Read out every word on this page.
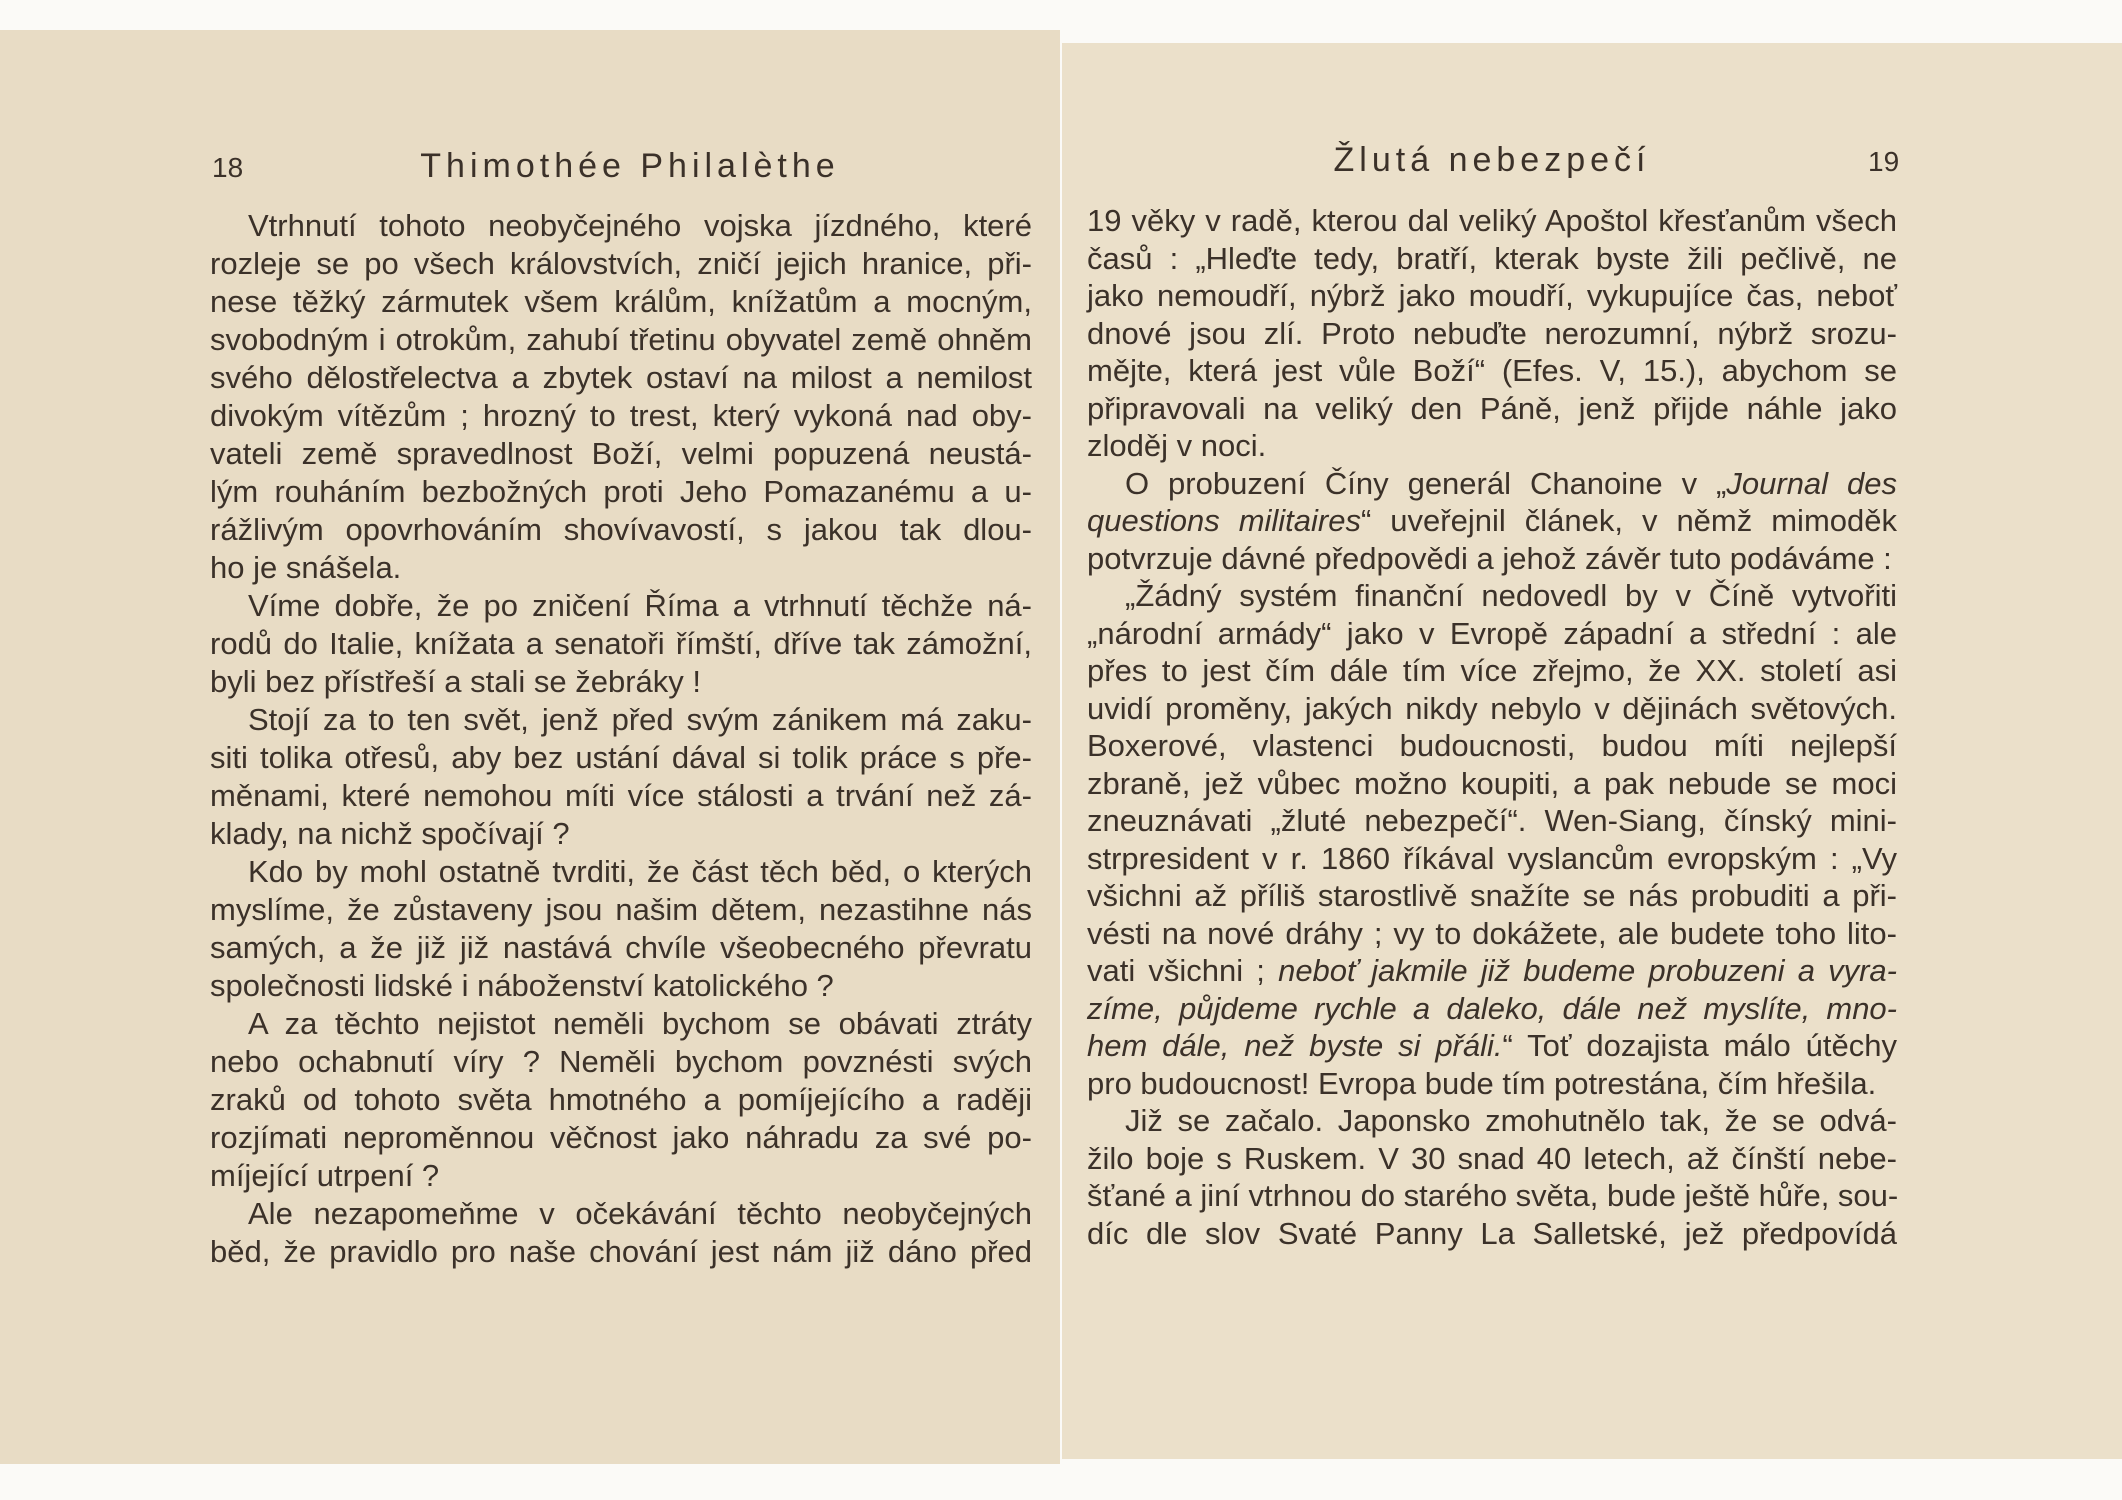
18	Thimothée Philalèthe
Vtrhnutí tohoto neobyčejného vojska jízdného, které
rozleje se po všech královstvích, zničí jejich hranice, při-
nese těžký zármutek všem králům, knížatům a mocným,
svobodným i otrokům, zahubí třetinu obyvatel země ohněm
svého dělostřelectva a zbytek ostaví na milost a nemilost
divokým vítězům ; hrozný to trest, který vykoná nad oby-
vateli země spravedlnost Boží, velmi popuzená neustá-
lým rouháním bezbožných proti Jeho Pomazanému a u-
rážlivým opovrhováním shovívavostí, s jakou tak dlou-
ho je snášela.
Víme dobře, že po zničení Říma a vtrhnutí těchže ná-
rodů do Italie, knížata a senatoři římští, dříve tak zámožní,
byli bez přístřeší a stali se žebráky !
Stojí za to ten svět, jenž před svým zánikem má zaku-
siti tolika otřesů, aby bez ustání dával si tolik práce s pře-
měnami, které nemohou míti více stálosti a trvání než zá-
klady, na nichž spočívají ?
Kdo by mohl ostatně tvrditi, že část těch běd, o kterých
myslíme, že zůstaveny jsou našim dětem, nezastihne nás
samých, a že již již nastává chvíle všeobecného převratu
společnosti lidské i náboženství katolického ?
A za těchto nejistot neměli bychom se obávati ztráty
nebo ochabnutí víry ? Neměli bychom povznésti svých
zraků od tohoto světa hmotného a pomíjejícího a raději
rozjímati neproměnnou věčnost jako náhradu za své po-
míjející utrpení ?
Ale nezapomeňme v očekávání těchto neobyčejných
běd, že pravidlo pro naše chování jest nám již dáno před
19
Žlutá nebezpečí
19 věky v radě, kterou dal veliký Apoštol křesťanům všech
časů : „Hleďte tedy, bratří, kterak byste žili pečlivě, ne
jako nemoudří, nýbrž jako moudří, vykupujíce čas, neboť
dnové jsou zlí. Proto nebuďte nerozumní, nýbrž srozu-
mějte, která jest vůle Boží“ (Efes. V, 15.), abychom se
připravovali na veliký den Páně, jenž přijde náhle jako
zloděj v noci.
O probuzení Číny generál Chanoine v „Journal des
questions militaires“ uveřejnil článek, v němž mimoděk
potvrzuje dávné předpovědi a jehož závěr tuto podáváme :
„Žádný systém finanční nedovedl by v Číně vytvořiti
„národní armády“ jako v Evropě západní a střední : ale
přes to jest čím dále tím více zřejmo, že XX. století asi
uvidí proměny, jakých nikdy nebylo v dějinách světových.
Boxerové, vlastenci budoucnosti, budou míti nejlepší
zbraně, jež vůbec možno koupiti, a pak nebude se moci
zneuznávati „žluté nebezpečí“. Wen-Siang, čínský mini-
strpresident v r. 1860 říkával vyslancům evropským : „Vy
všichni až příliš starostlivě snažíte se nás probuditi a při-
vésti na nové dráhy ; vy to dokážete, ale budete toho lito-
vati všichni ; neboť jakmile již budeme probuzeni a vyra-
zíme, půjdeme rychle a daleko, dále než myslíte, mno-
hem dále, než byste si přáli.“ Toť dozajista málo útěchy
pro budoucnost! Evropa bude tím potrestána, čím hřešila.
Již se začalo. Japonsko zmohutnělo tak, že se odvá-
žilo boje s Ruskem. V 30 snad 40 letech, až čínští nebe-
šťané a jiní vtrhnou do starého světa, bude ještě hůře, sou-
díc dle slov Svaté Panny La Salletské, jež předpovídá
